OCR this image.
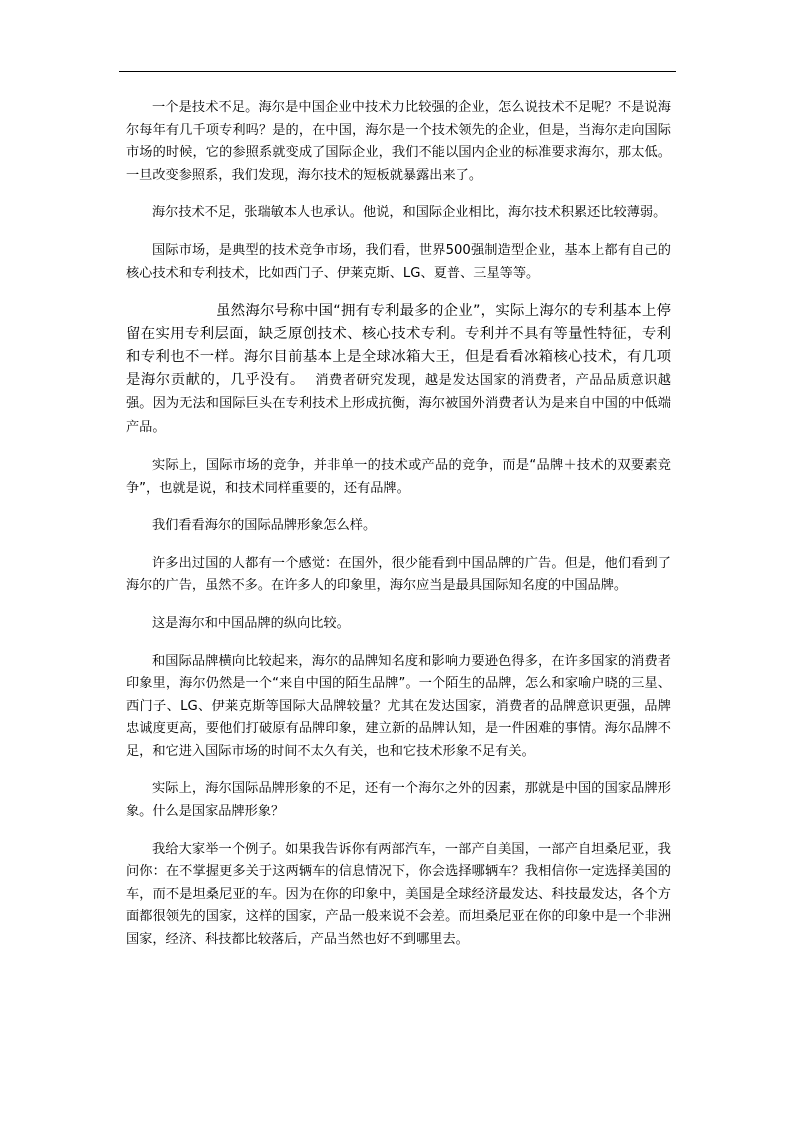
一个是技术不足。海尔是中国企业中技术力比较强的企业，怎么说技术不足呢？不是说海尔每年有几千项专利吗？是的，在中国，海尔是一个技术领先的企业，但是，当海尔走向国际市场的时候，它的参照系就变成了国际企业，我们不能以国内企业的标准要求海尔，那太低。一旦改变参照系，我们发现，海尔技术的短板就暴露出来了。

海尔技术不足，张瑞敏本人也承认。他说，和国际企业相比，海尔技术积累还比较薄弱。

国际市场，是典型的技术竞争市场，我们看，世界500强制造型企业，基本上都有自己的核心技术和专利技术，比如西门子、伊莱克斯、LG、夏普、三星等等。

虽然海尔号称中国“拥有专利最多的企业”，实际上海尔的专利基本上停留在实用专利层面，缺乏原创技术、核心技术专利。专利并不具有等量性特征，专利和专利也不一样。海尔目前基本上是全球冰箱大王，但是看看冰箱核心技术，有几项是海尔贡献的，几乎没有。 消费者研究发现，越是发达国家的消费者，产品品质意识越强。因为无法和国际巨头在专利技术上形成抗衡，海尔被国外消费者认为是来自中国的中低端产品。

实际上，国际市场的竞争，并非单一的技术或产品的竞争，而是“品牌＋技术的双要素竞争”，也就是说，和技术同样重要的，还有品牌。

我们看看海尔的国际品牌形象怎么样。

许多出过国的人都有一个感觉：在国外，很少能看到中国品牌的广告。但是，他们看到了海尔的广告，虽然不多。在许多人的印象里，海尔应当是最具国际知名度的中国品牌。

这是海尔和中国品牌的纵向比较。

和国际品牌横向比较起来，海尔的品牌知名度和影响力要逊色得多，在许多国家的消费者印象里，海尔仍然是一个“来自中国的陌生品牌”。一个陌生的品牌，怎么和家喻户晓的三星、西门子、LG、伊莱克斯等国际大品牌较量？尤其在发达国家，消费者的品牌意识更强，品牌忠诚度更高，要他们打破原有品牌印象，建立新的品牌认知，是一件困难的事情。海尔品牌不足，和它进入国际市场的时间不太久有关，也和它技术形象不足有关。

实际上，海尔国际品牌形象的不足，还有一个海尔之外的因素，那就是中国的国家品牌形象。什么是国家品牌形象？

我给大家举一个例子。如果我告诉你有两部汽车，一部产自美国，一部产自坦桑尼亚，我问你：在不掌握更多关于这两辆车的信息情况下，你会选择哪辆车？我相信你一定选择美国的车，而不是坦桑尼亚的车。因为在你的印象中，美国是全球经济最发达、科技最发达，各个方面都很领先的国家，这样的国家，产品一般来说不会差。而坦桑尼亚在你的印象中是一个非洲国家，经济、科技都比较落后，产品当然也好不到哪里去。
